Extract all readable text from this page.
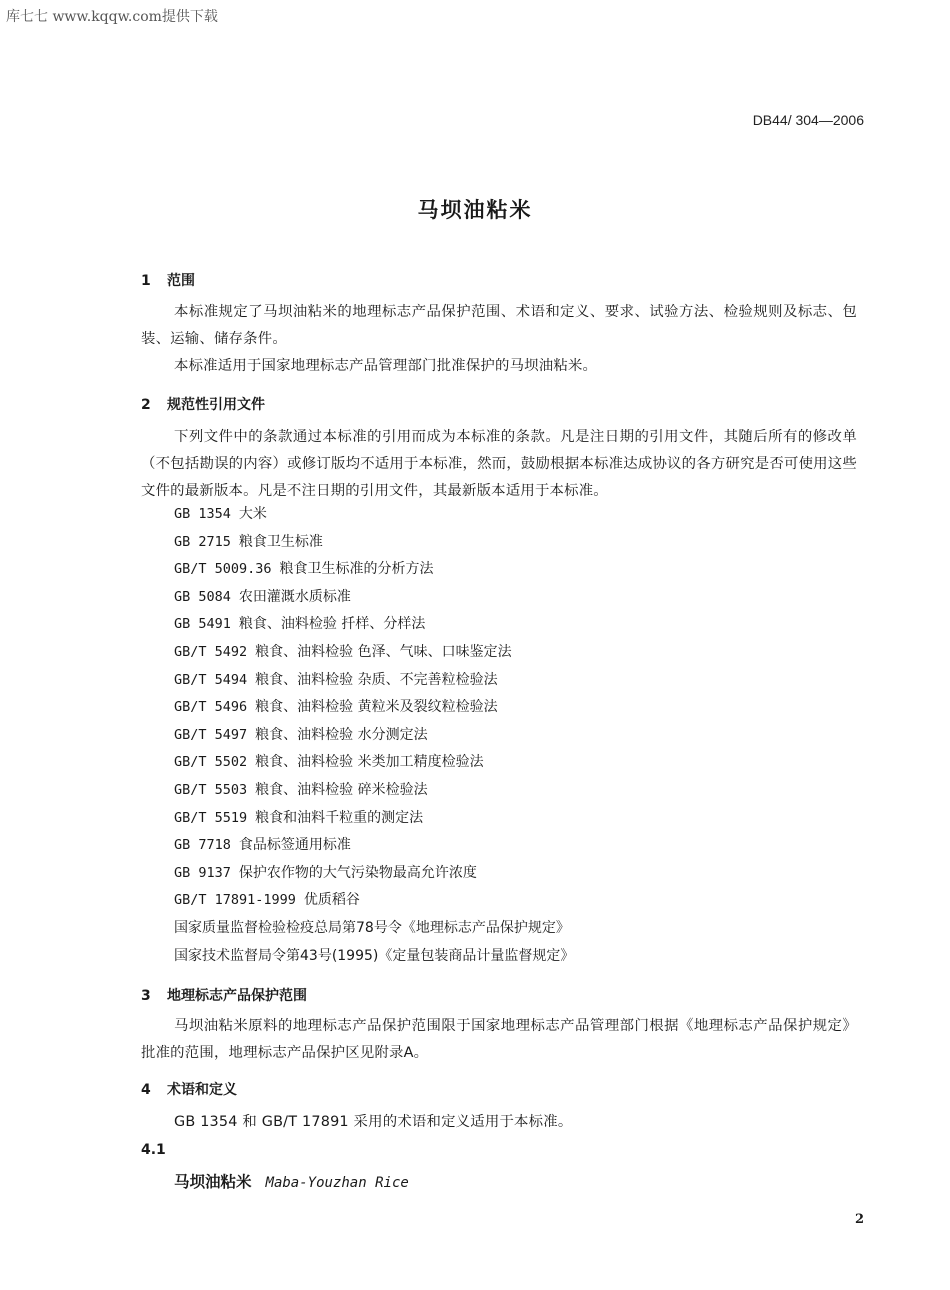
库七七 www.kqqw.com提供下载
DB44/ 304—2006
马坝油粘米
1 范围
本标准规定了马坝油粘米的地理标志产品保护范围、术语和定义、要求、试验方法、检验规则及标志、包装、运输、储存条件。
本标准适用于国家地理标志产品管理部门批准保护的马坝油粘米。
2 规范性引用文件
下列文件中的条款通过本标准的引用而成为本标准的条款。凡是注日期的引用文件，其随后所有的修改单（不包括勘误的内容）或修订版均不适用于本标准，然而，鼓励根据本标准达成协议的各方研究是否可使用这些文件的最新版本。凡是不注日期的引用文件，其最新版本适用于本标准。
GB 1354 大米
GB 2715 粮食卫生标准
GB/T 5009.36 粮食卫生标准的分析方法
GB 5084 农田灌溉水质标准
GB 5491 粮食、油料检验 扦样、分样法
GB/T 5492 粮食、油料检验 色泽、气味、口味鉴定法
GB/T 5494 粮食、油料检验 杂质、不完善粒检验法
GB/T 5496 粮食、油料检验 黄粒米及裂纹粒检验法
GB/T 5497 粮食、油料检验 水分测定法
GB/T 5502 粮食、油料检验 米类加工精度检验法
GB/T 5503 粮食、油料检验 碎米检验法
GB/T 5519 粮食和油料千粒重的测定法
GB 7718 食品标签通用标准
GB 9137 保护农作物的大气污染物最高允许浓度
GB/T 17891-1999 优质稻谷
国家质量监督检验检疫总局第78号令《地理标志产品保护规定》
国家技术监督局令第43号(1995)《定量包装商品计量监督规定》
3 地理标志产品保护范围
马坝油粘米原料的地理标志产品保护范围限于国家地理标志产品管理部门根据《地理标志产品保护规定》批准的范围，地理标志产品保护区见附录A。
4 术语和定义
GB 1354 和 GB/T 17891 采用的术语和定义适用于本标准。
4.1
马坝油粘米 Maba-Youzhan Rice
2
